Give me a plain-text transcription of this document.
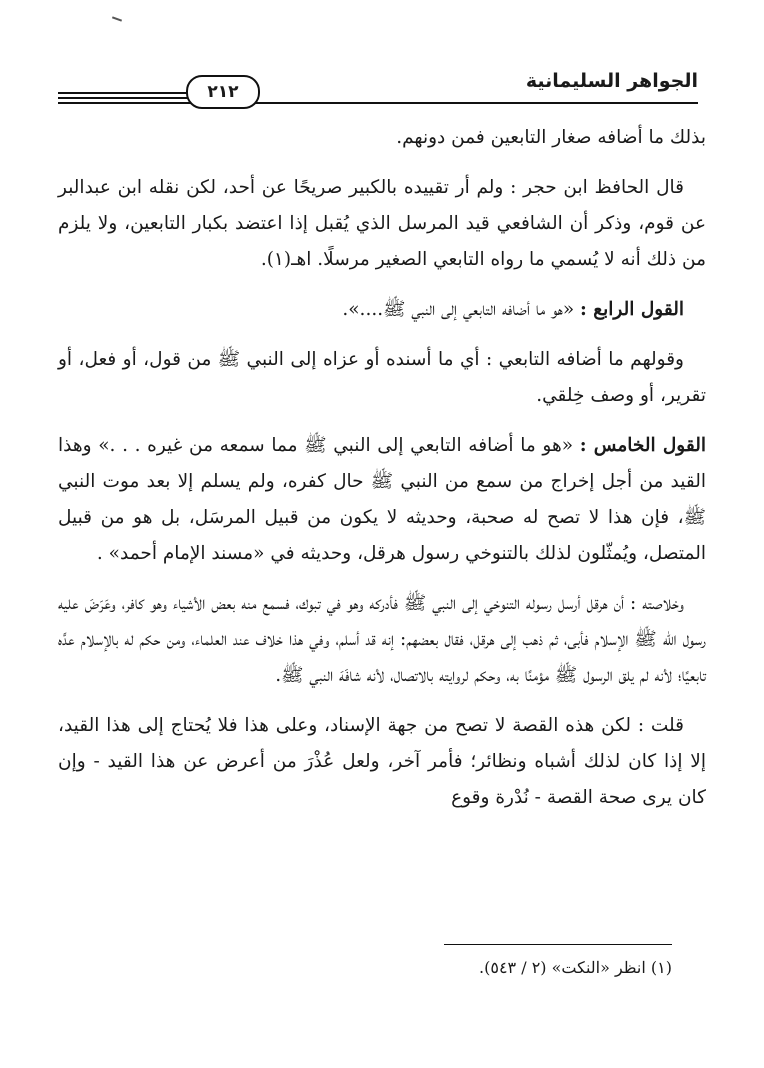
الجواهر السليمانية
٢١٢

بذلك ما أضافه صغار التابعين فمن دونهم.

قال الحافظ ابن حجر : ولم أر تقييده بالكبير صريحًا عن أحد، لكن نقله ابن عبدالبر عن قوم، وذكر أن الشافعي قيد المرسل الذي يُقبل إذا اعتضد بكبار التابعين، ولا يلزم من ذلك أنه لا يُسمي ما رواه التابعي الصغير مرسلًا. اهـ(١).

القول الرابع : «هو ما أضافه التابعي إلى النبي ﷺ....».

وقولهم ما أضافه التابعي : أي ما أسنده أو عزاه إلى النبي ﷺ من قول، أو فعل، أو تقرير، أو وصف خِلقي.

القول الخامس : «هو ما أضافه التابعي إلى النبي ﷺ مما سمعه من غيره . . .» وهذا القيد من أجل إخراج من سمع من النبي ﷺ حال كفره، ولم يسلم إلا بعد موت النبي ﷺ، فإن هذا لا تصح له صحبة، وحديثه لا يكون من قبيل المرسَل، بل هو من قبيل المتصل، ويُمثّلون لذلك بالتنوخي رسول هرقل، وحديثه في «مسند الإمام أحمد» .

وخلاصته : أن هرقل أرسل رسوله التنوخي إلى النبي ﷺ فأدركه وهو في تبوك، فسمع منه بعض الأشياء وهو كافر، وعَرَضَ عليه رسول الله ﷺ الإسلام فأبى، ثم ذهب إلى هرقل، فقال بعضهم: إنه قد أسلم، وفي هذا خلاف عند العلماء، ومن حكم له بالإسلام عدَّه تابعيًا؛ لأنه لم يلق الرسول ﷺ مؤمنًا به، وحكم لروايته بالاتصال، لأنه شافَهَ النبي ﷺ.

قلت : لكن هذه القصة لا تصح من جهة الإسناد، وعلى هذا فلا يُحتاج إلى هذا القيد، إلا إذا كان لذلك أشباه ونظائر؛ فأمر آخر، ولعل عُذْرَ من أعرض عن هذا القيد - وإن كان يرى صحة القصة - نُدْرة وقوع

(١) انظر «النكت» (٢ / ٥٤٣).
